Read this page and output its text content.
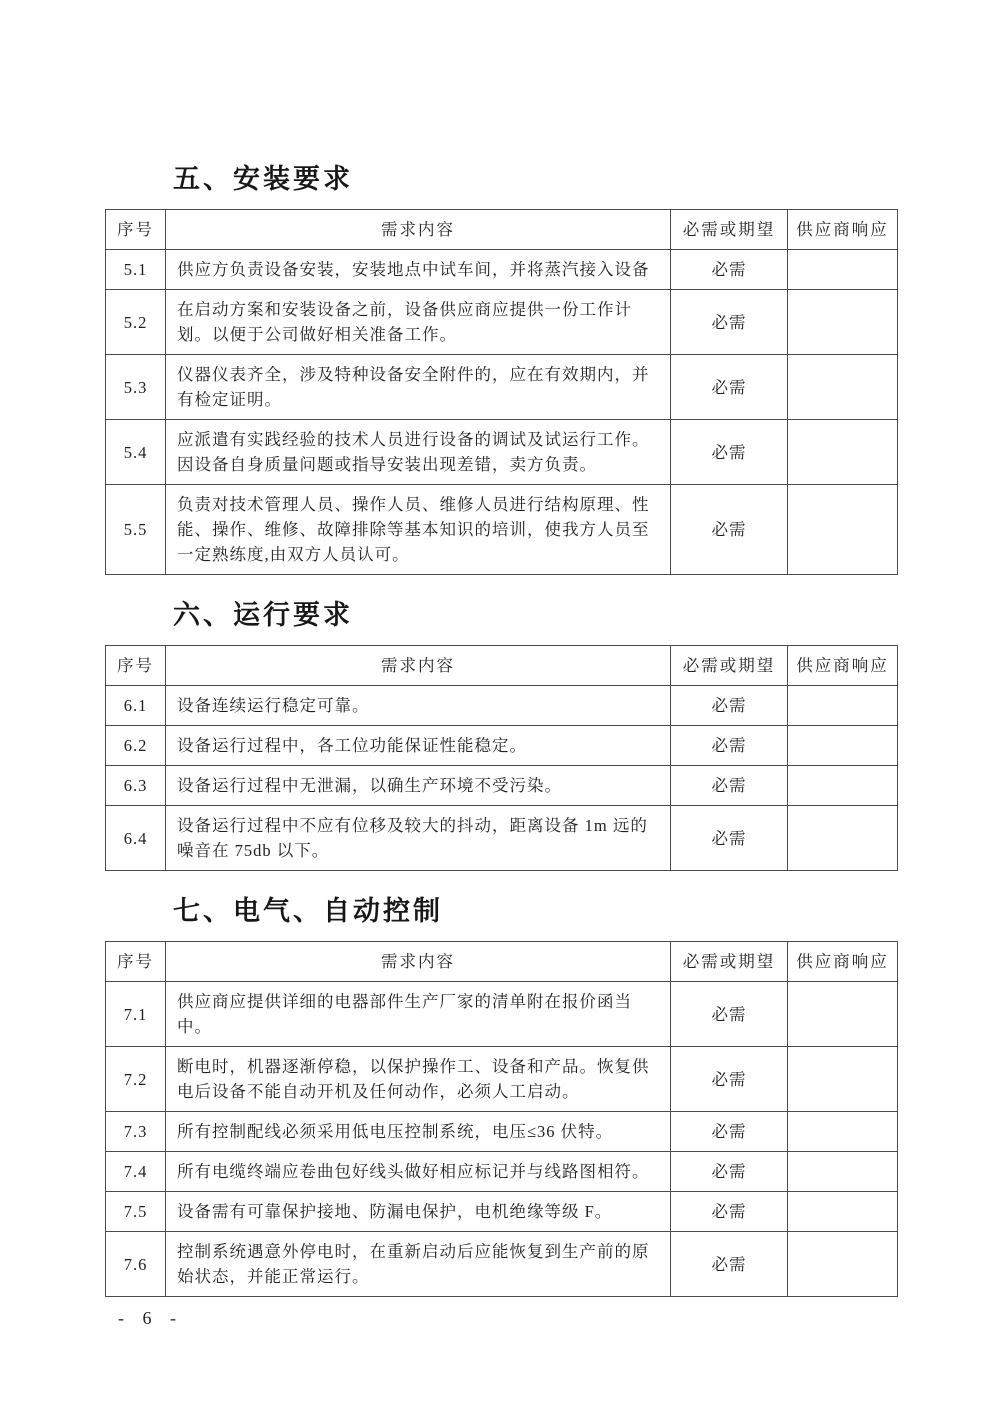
五、安装要求
序号	需求内容	必需或期望	供应商响应
5.1	供应方负责设备安装，安装地点中试车间，并将蒸汽接入设备	必需	
5.2	在启动方案和安装设备之前，设备供应商应提供一份工作计划。以便于公司做好相关准备工作。	必需	
5.3	仪器仪表齐全，涉及特种设备安全附件的，应在有效期内，并有检定证明。	必需	
5.4	应派遣有实践经验的技术人员进行设备的调试及试运行工作。因设备自身质量问题或指导安装出现差错，卖方负责。	必需	
5.5	负责对技术管理人员、操作人员、维修人员进行结构原理、性能、操作、维修、故障排除等基本知识的培训，使我方人员至一定熟练度,由双方人员认可。	必需	
六、运行要求
序号	需求内容	必需或期望	供应商响应
6.1	设备连续运行稳定可靠。	必需	
6.2	设备运行过程中，各工位功能保证性能稳定。	必需	
6.3	设备运行过程中无泄漏，以确生产环境不受污染。	必需	
6.4	设备运行过程中不应有位移及较大的抖动，距离设备 1m 远的噪音在 75db 以下。	必需	
七、电气、自动控制
序号	需求内容	必需或期望	供应商响应
7.1	供应商应提供详细的电器部件生产厂家的清单附在报价函当中。	必需	
7.2	断电时，机器逐渐停稳，以保护操作工、设备和产品。恢复供电后设备不能自动开机及任何动作，必须人工启动。	必需	
7.3	所有控制配线必须采用低电压控制系统，电压≤36 伏特。	必需	
7.4	所有电缆终端应卷曲包好线头做好相应标记并与线路图相符。	必需	
7.5	设备需有可靠保护接地、防漏电保护，电机绝缘等级 F。	必需	
7.6	控制系统遇意外停电时，在重新启动后应能恢复到生产前的原始状态，并能正常运行。	必需	
- 6 -
